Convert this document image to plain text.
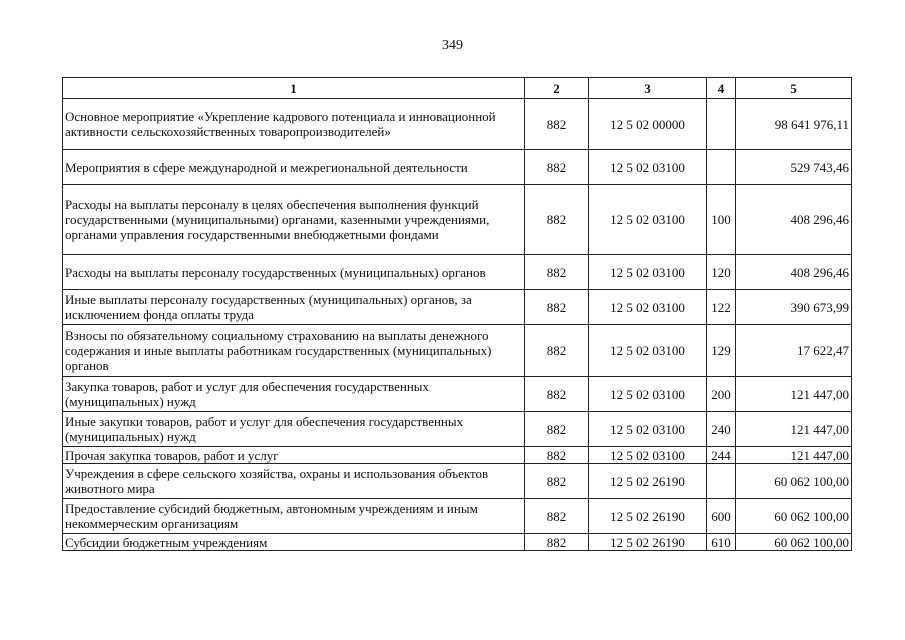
349
1	2	3	4	5
Основное мероприятие «Укрепление кадрового потенциала и инновационной активности сельскохозяйственных товаропроизводителей»	882	12 5 02 00000		98 641 976,11
Мероприятия в сфере международной и межрегиональной деятельности	882	12 5 02 03100		529 743,46
Расходы на выплаты персоналу в целях обеспечения выполнения функций государственными (муниципальными) органами, казенными учреждениями, органами управления государственными внебюджетными фондами	882	12 5 02 03100	100	408 296,46
Расходы на выплаты персоналу государственных (муниципальных) органов	882	12 5 02 03100	120	408 296,46
Иные выплаты персоналу государственных (муниципальных) органов, за исключением фонда оплаты труда	882	12 5 02 03100	122	390 673,99
Взносы по обязательному социальному страхованию на выплаты денежного содержания и иные выплаты работникам государственных (муниципальных) органов	882	12 5 02 03100	129	17 622,47
Закупка товаров, работ и услуг для обеспечения государственных (муниципальных) нужд	882	12 5 02 03100	200	121 447,00
Иные закупки товаров, работ и услуг для обеспечения государственных (муниципальных) нужд	882	12 5 02 03100	240	121 447,00
Прочая закупка товаров, работ и услуг	882	12 5 02 03100	244	121 447,00
Учреждения в сфере сельского хозяйства, охраны и использования объектов животного мира	882	12 5 02 26190		60 062 100,00
Предоставление субсидий бюджетным, автономным учреждениям и иным некоммерческим организациям	882	12 5 02 26190	600	60 062 100,00
Субсидии бюджетным учреждениям	882	12 5 02 26190	610	60 062 100,00
